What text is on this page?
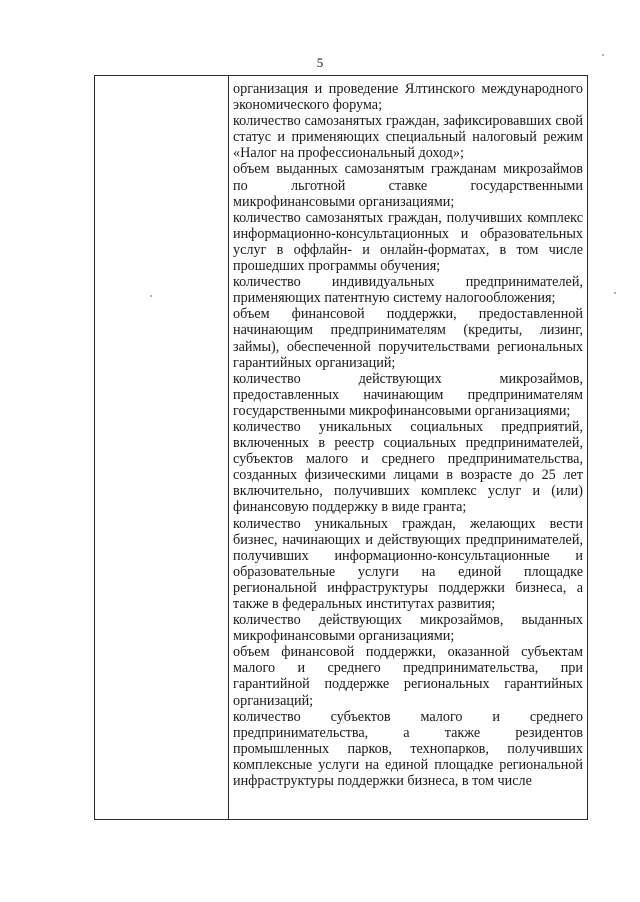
5

организация и проведение Ялтинского международного экономического форума;

количество самозанятых граждан, зафиксировавших свой статус и применяющих специальный налоговый режим «Налог на профессиональный доход»;

объем выданных самозанятым гражданам микрозаймов по льготной ставке государственными микрофинансовыми организациями;

количество самозанятых граждан, получивших комплекс информационно-консультационных и образовательных услуг в оффлайн- и онлайн-форматах, в том числе прошедших программы обучения;

количество индивидуальных предпринимателей, применяющих патентную систему налогообложения;

объем финансовой поддержки, предоставленной начинающим предпринимателям (кредиты, лизинг, займы), обеспеченной поручительствами региональных гарантийных организаций;

количество действующих микрозаймов, предоставленных начинающим предпринимателям государственными микрофинансовыми организациями;

количество уникальных социальных предприятий, включенных в реестр социальных предпринимателей, субъектов малого и среднего предпринимательства, созданных физическими лицами в возрасте до 25 лет включительно, получивших комплекс услуг и (или) финансовую поддержку в виде гранта;

количество уникальных граждан, желающих вести бизнес, начинающих и действующих предпринимателей, получивших информационно-консультационные и образовательные услуги на единой площадке региональной инфраструктуры поддержки бизнеса, а также в федеральных институтах развития;

количество действующих микрозаймов, выданных микрофинансовыми организациями;

объем финансовой поддержки, оказанной субъектам малого и среднего предпринимательства, при гарантийной поддержке региональных гарантийных организаций;

количество субъектов малого и среднего предпринимательства, а также резидентов промышленных парков, технопарков, получивших комплексные услуги на единой площадке региональной инфраструктуры поддержки бизнеса, в том числе
